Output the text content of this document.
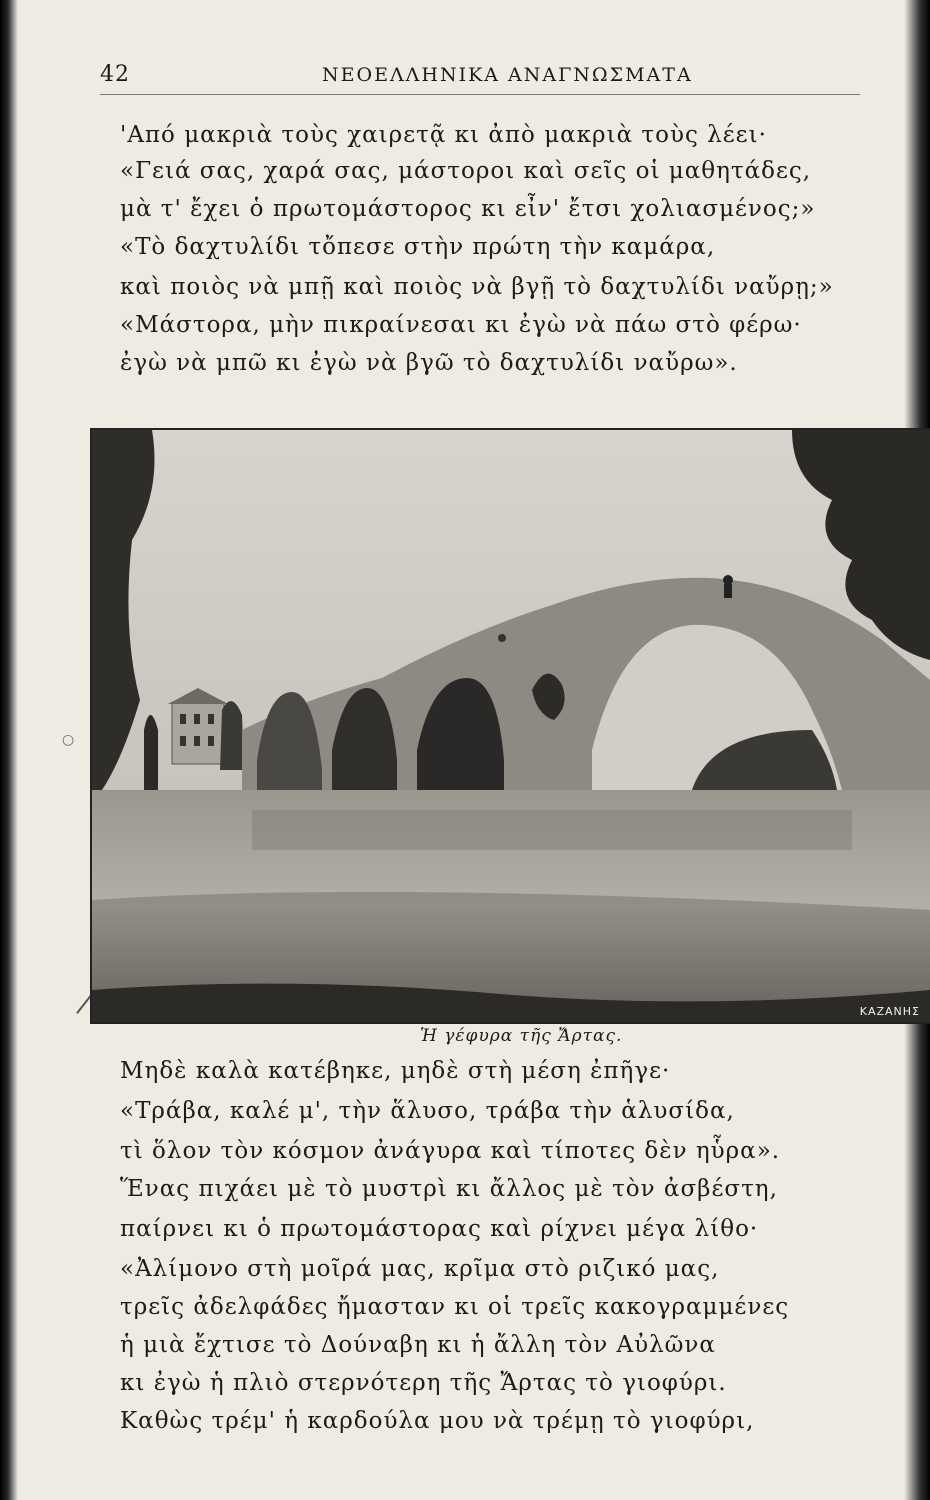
42	ΝΕΟΕΛΛΗΝΙΚΑ ΑΝΑΓΝΩΣΜΑΤΑ
'Από μακριὰ τοὺς χαιρετᾷ κι ἀπὸ μακριὰ τοὺς λέει·
«Γειά σας, χαρά σας, μάστοροι καὶ σεῖς οἱ μαθητάδες,
μὰ τ' ἔχει ὁ πρωτομάστορος κι εἶν' ἔτσι χολιασμένος;»
«Τὸ δαχτυλίδι τὄπεσε στὴν πρώτη τὴν καμάρα,
καὶ ποιὸς νὰ μπῇ καὶ ποιὸς νὰ βγῇ τὸ δαχτυλίδι ναὔρῃ;»
«Μάστορα, μὴν πικραίνεσαι κι ἐγὼ νὰ πάω στὸ φέρω·
ἐγὼ νὰ μπῶ κι ἐγὼ νὰ βγῶ τὸ δαχτυλίδι ναὔρω».
○
ΚΑΖΑΝΗΣ
Ἡ γέφυρα τῆς Ἄρτας.
Μηδὲ καλὰ κατέβηκε, μηδὲ στὴ μέση ἐπῆγε·
«Τράβα, καλέ μ', τὴν ἅλυσο, τράβα τὴν ἁλυσίδα,
τὶ ὅλον τὸν κόσμον ἀνάγυρα καὶ τίποτες δὲν ηὗρα».
Ἕνας πιχάει μὲ τὸ μυστρὶ κι ἄλλος μὲ τὸν ἀσβέστη,
παίρνει κι ὁ πρωτομάστορας καὶ ρίχνει μέγα λίθο·
«Ἀλίμονο στὴ μοῖρά μας, κρῖμα στὸ ριζικό μας,
τρεῖς ἀδελφάδες ἤμασταν κι οἱ τρεῖς κακογραμμένες
ἡ μιὰ ἔχτισε τὸ Δούναβη κι ἡ ἄλλη τὸν Αὐλῶνα
κι ἐγὼ ἡ πλιὸ στερνότερη τῆς Ἄρτας τὸ γιοφύρι.
Καθὼς τρέμ' ἡ καρδούλα μου νὰ τρέμῃ τὸ γιοφύρι,
